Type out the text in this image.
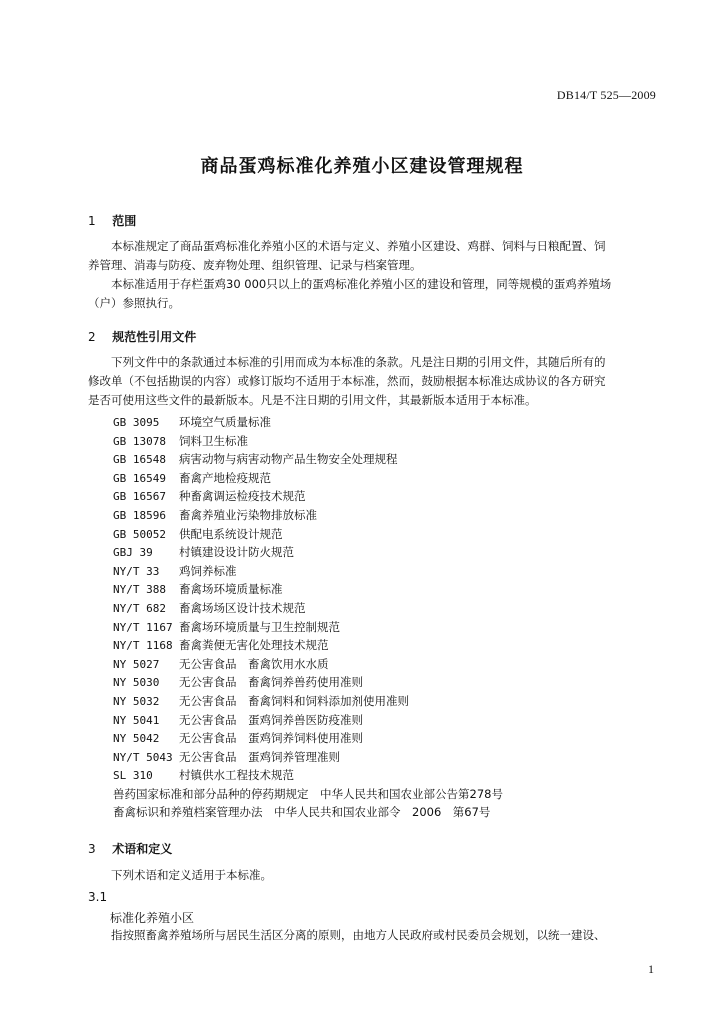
DB14/T 525—2009
商品蛋鸡标准化养殖小区建设管理规程
1 范围
　　本标准规定了商品蛋鸡标准化养殖小区的术语与定义、养殖小区建设、鸡群、饲料与日粮配置、饲
养管理、消毒与防疫、废弃物处理、组织管理、记录与档案管理。
　　本标准适用于存栏蛋鸡30 000只以上的蛋鸡标准化养殖小区的建设和管理，同等规模的蛋鸡养殖场
（户）参照执行。
2 规范性引用文件
　　下列文件中的条款通过本标准的引用而成为本标准的条款。凡是注日期的引用文件，其随后所有的
修改单（不包括勘误的内容）或修订版均不适用于本标准，然而，鼓励根据本标准达成协议的各方研究
是否可使用这些文件的最新版本。凡是不注日期的引用文件，其最新版本适用于本标准。
GB 3095 环境空气质量标准
GB 13078 饲料卫生标准
GB 16548 病害动物与病害动物产品生物安全处理规程
GB 16549 畜禽产地检疫规范
GB 16567 种畜禽调运检疫技术规范
GB 18596 畜禽养殖业污染物排放标准
GB 50052 供配电系统设计规范
GBJ 39 村镇建设设计防火规范
NY/T 33 鸡饲养标准
NY/T 388 畜禽场环境质量标准
NY/T 682 畜禽场场区设计技术规范
NY/T 1167 畜禽场环境质量与卫生控制规范
NY/T 1168 畜禽粪便无害化处理技术规范
NY 5027 无公害食品　畜禽饮用水水质
NY 5030 无公害食品　畜禽饲养兽药使用准则
NY 5032 无公害食品　畜禽饲料和饲料添加剂使用准则
NY 5041 无公害食品　蛋鸡饲养兽医防疫准则
NY 5042 无公害食品　蛋鸡饲养饲料使用准则
NY/T 5043 无公害食品　蛋鸡饲养管理准则
SL 310 村镇供水工程技术规范
兽药国家标准和部分品种的停药期规定　中华人民共和国农业部公告第278号
畜禽标识和养殖档案管理办法　中华人民共和国农业部令　2006　第67号
3 术语和定义
　　下列术语和定义适用于本标准。
3.1
标准化养殖小区
　　指按照畜禽养殖场所与居民生活区分离的原则，由地方人民政府或村民委员会规划，以统一建设、
1
